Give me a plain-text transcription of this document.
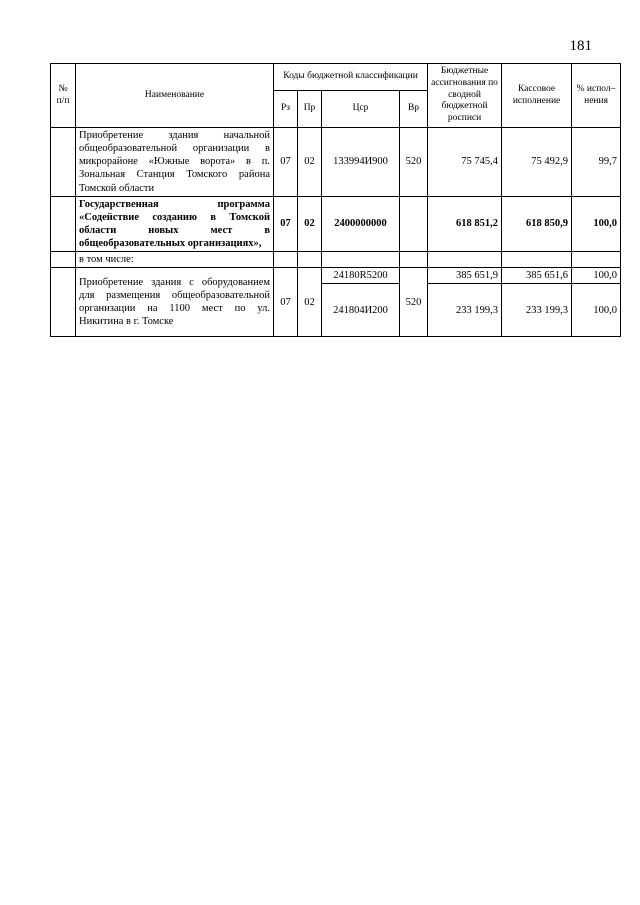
181
№ п/п	Наименование	Коды бюджетной классификации				Бюджетные ассигнования по сводной бюджетной росписи	Кассовое исполнение	% испол–нения
		Рз	Пр	Цср	Вр			
	Приобретение здания начальной общеобразовательной организации в микрорайоне «Южные ворота» в п. Зональная Станция Томского района Томской области	07	02	133994И900	520	75 745,4	75 492,9	99,7
	Государственная программа «Содействие созданию в Томской области новых мест в общеобразовательных организациях»,	07	02	2400000000		618 851,2	618 850,9	100,0
	в том числе:							
	Приобретение здания с оборудованием для размещения общеобразовательной организации на 1100 мест по ул. Никитина в г. Томске	07	02	24180R5200	520	385 651,9	385 651,6	100,0
				241804И200		233 199,3	233 199,3	100,0
